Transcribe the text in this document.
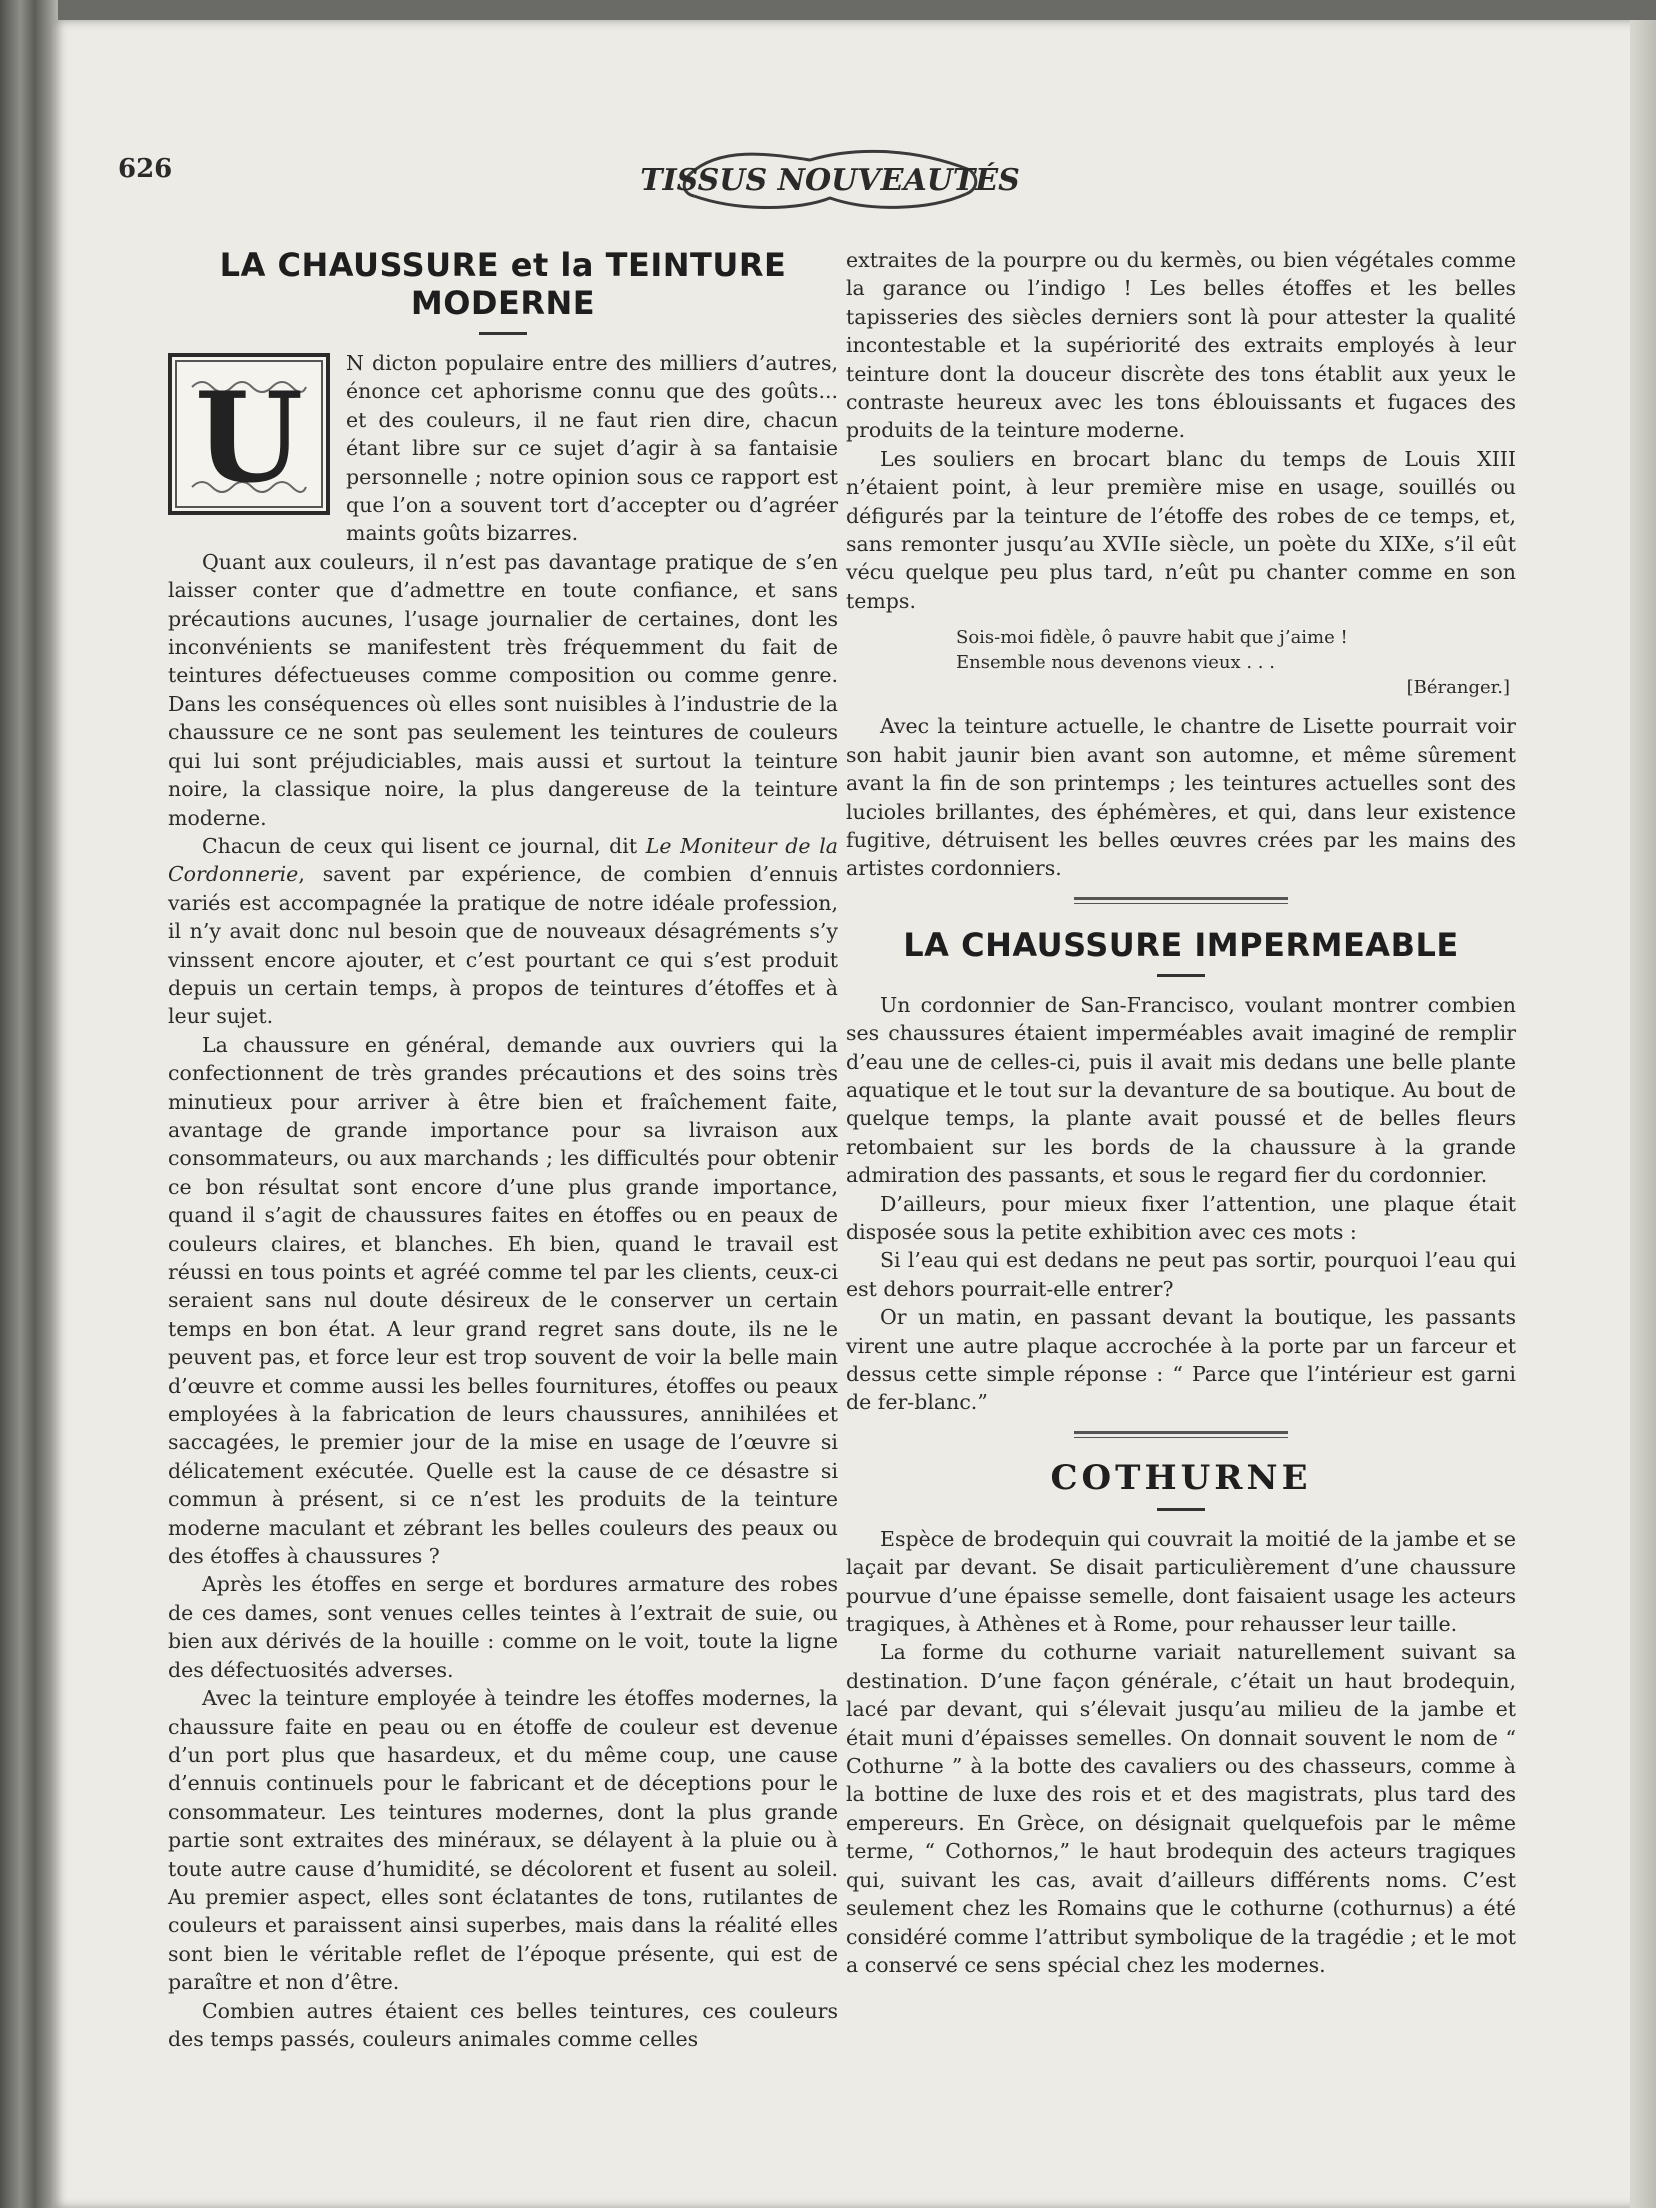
626	TISSUS NOUVEAUTÉS
LA CHAUSSURE et la TEINTURE MODERNE
U

N dicton populaire entre des milliers d’autres, énonce cet aphorisme connu que des goûts... et des couleurs, il ne faut rien dire, chacun étant libre sur ce sujet d’agir à sa fantaisie personnelle ; notre opinion sous ce rapport est que l’on a souvent tort d’accepter ou d’agréer maints goûts bizarres.

Quant aux couleurs, il n’est pas davantage pratique de s’en laisser conter que d’admettre en toute confiance, et sans précautions aucunes, l’usage journalier de certaines, dont les inconvénients se manifestent très fréquemment du fait de teintures défectueuses comme composition ou comme genre. Dans les conséquences où elles sont nuisibles à l’industrie de la chaussure ce ne sont pas seulement les teintures de couleurs qui lui sont préjudiciables, mais aussi et surtout la teinture noire, la classique noire, la plus dangereuse de la teinture moderne.

Chacun de ceux qui lisent ce journal, dit Le Moniteur de la Cordonnerie, savent par expérience, de combien d’ennuis variés est accompagnée la pratique de notre idéale profession, il n’y avait donc nul besoin que de nouveaux désagréments s’y vinssent encore ajouter, et c’est pourtant ce qui s’est produit depuis un certain temps, à propos de teintures d’étoffes et à leur sujet.

La chaussure en général, demande aux ouvriers qui la confectionnent de très grandes précautions et des soins très minutieux pour arriver à être bien et fraîchement faite, avantage de grande importance pour sa livraison aux consommateurs, ou aux marchands ; les difficultés pour obtenir ce bon résultat sont encore d’une plus grande importance, quand il s’agit de chaussures faites en étoffes ou en peaux de couleurs claires, et blanches. Eh bien, quand le travail est réussi en tous points et agréé comme tel par les clients, ceux-ci seraient sans nul doute désireux de le conserver un certain temps en bon état. A leur grand regret sans doute, ils ne le peuvent pas, et force leur est trop souvent de voir la belle main d’œuvre et comme aussi les belles fournitures, étoffes ou peaux employées à la fabrication de leurs chaussures, annihilées et saccagées, le premier jour de la mise en usage de l’œuvre si délicatement exécutée. Quelle est la cause de ce désastre si commun à présent, si ce n’est les produits de la teinture moderne maculant et zébrant les belles couleurs des peaux ou des étoffes à chaussures ?

Après les étoffes en serge et bordures armature des robes de ces dames, sont venues celles teintes à l’extrait de suie, ou bien aux dérivés de la houille : comme on le voit, toute la ligne des défectuosités adverses.

Avec la teinture employée à teindre les étoffes modernes, la chaussure faite en peau ou en étoffe de couleur est devenue d’un port plus que hasardeux, et du même coup, une cause d’ennuis continuels pour le fabricant et de déceptions pour le consommateur. Les teintures modernes, dont la plus grande partie sont extraites des minéraux, se délayent à la pluie ou à toute autre cause d’humidité, se décolorent et fusent au soleil. Au premier aspect, elles sont éclatantes de tons, rutilantes de couleurs et paraissent ainsi superbes, mais dans la réalité elles sont bien le véritable reflet de l’époque présente, qui est de paraître et non d’être.

Combien autres étaient ces belles teintures, ces couleurs des temps passés, couleurs animales comme celles

extraites de la pourpre ou du kermès, ou bien végétales comme la garance ou l’indigo ! Les belles étoffes et les belles tapisseries des siècles derniers sont là pour attester la qualité incontestable et la supériorité des extraits employés à leur teinture dont la douceur discrète des tons établit aux yeux le contraste heureux avec les tons éblouissants et fugaces des produits de la teinture moderne.

Les souliers en brocart blanc du temps de Louis XIII n’étaient point, à leur première mise en usage, souillés ou défigurés par la teinture de l’étoffe des robes de ce temps, et, sans remonter jusqu’au XVIIe siècle, un poète du XIXe, s’il eût vécu quelque peu plus tard, n’eût pu chanter comme en son temps.

Sois-moi fidèle, ô pauvre habit que j’aime !
Ensemble nous devenons vieux . . .
[Béranger.]

Avec la teinture actuelle, le chantre de Lisette pourrait voir son habit jaunir bien avant son automne, et même sûrement avant la fin de son printemps ; les teintures actuelles sont des lucioles brillantes, des éphémères, et qui, dans leur existence fugitive, détruisent les belles œuvres crées par les mains des artistes cordonniers.

LA CHAUSSURE IMPERMEABLE

Un cordonnier de San-Francisco, voulant montrer combien ses chaussures étaient imperméables avait imaginé de remplir d’eau une de celles-ci, puis il avait mis dedans une belle plante aquatique et le tout sur la devanture de sa boutique. Au bout de quelque temps, la plante avait poussé et de belles fleurs retombaient sur les bords de la chaussure à la grande admiration des passants, et sous le regard fier du cordonnier.

D’ailleurs, pour mieux fixer l’attention, une plaque était disposée sous la petite exhibition avec ces mots :

Si l’eau qui est dedans ne peut pas sortir, pourquoi l’eau qui est dehors pourrait-elle entrer?

Or un matin, en passant devant la boutique, les passants virent une autre plaque accrochée à la porte par un farceur et dessus cette simple réponse : “ Parce que l’intérieur est garni de fer-blanc.”

COTHURNE

Espèce de brodequin qui couvrait la moitié de la jambe et se laçait par devant. Se disait particulièrement d’une chaussure pourvue d’une épaisse semelle, dont faisaient usage les acteurs tragiques, à Athènes et à Rome, pour rehausser leur taille.

La forme du cothurne variait naturellement suivant sa destination. D’une façon générale, c’était un haut brodequin, lacé par devant, qui s’élevait jusqu’au milieu de la jambe et était muni d’épaisses semelles. On donnait souvent le nom de “ Cothurne ” à la botte des cavaliers ou des chasseurs, comme à la bottine de luxe des rois et et des magistrats, plus tard des empereurs. En Grèce, on désignait quelquefois par le même terme, “ Cothornos,” le haut brodequin des acteurs tragiques qui, suivant les cas, avait d’ailleurs différents noms. C’est seulement chez les Romains que le cothurne (cothurnus) a été considéré comme l’attribut symbolique de la tragédie ; et le mot a conservé ce sens spécial chez les modernes.
